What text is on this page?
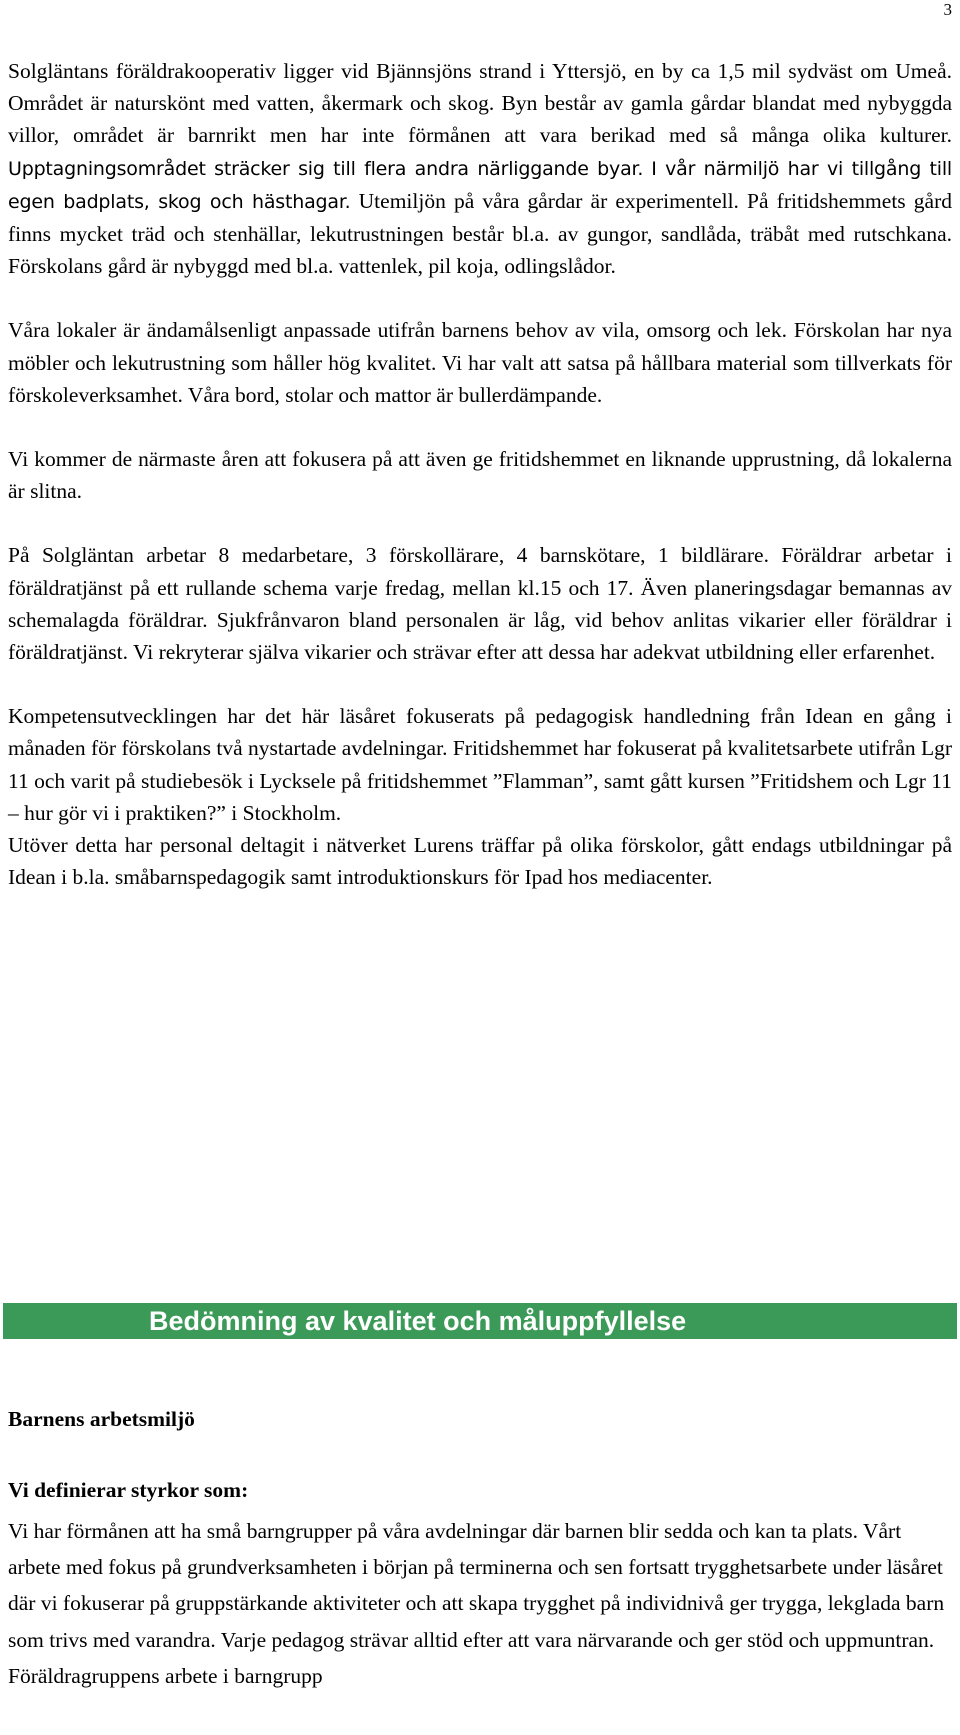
3

Solgläntans föräldrakooperativ ligger vid Bjännsjöns strand i Yttersjö, en by ca 1,5 mil sydväst om Umeå. Området är naturskönt med vatten, åkermark och skog. Byn består av gamla gårdar blandat med nybyggda villor, området är barnrikt men har inte förmånen att vara berikad med så många olika kulturer. Upptagningsområdet sträcker sig till flera andra närliggande byar. I vår närmiljö har vi tillgång till egen badplats, skog och hästhagar. Utemiljön på våra gårdar är experimentell. På fritidshemmets gård finns mycket träd och stenhällar, lekutrustningen består bl.a. av gungor, sandlåda, träbåt med rutschkana. Förskolans gård är nybyggd med bl.a. vattenlek, pil koja, odlingslådor.

Våra lokaler är ändamålsenligt anpassade utifrån barnens behov av vila, omsorg och lek. Förskolan har nya möbler och lekutrustning som håller hög kvalitet. Vi har valt att satsa på hållbara material som tillverkats för förskoleverksamhet. Våra bord, stolar och mattor är bullerdämpande.

Vi kommer de närmaste åren att fokusera på att även ge fritidshemmet en liknande upprustning, då lokalerna är slitna.

På Solgläntan arbetar 8 medarbetare, 3 förskollärare, 4 barnskötare, 1 bildlärare. Föräldrar arbetar i föräldratjänst på ett rullande schema varje fredag, mellan kl.15 och 17. Även planeringsdagar bemannas av schemalagda föräldrar. Sjukfrånvaron bland personalen är låg, vid behov anlitas vikarier eller föräldrar i föräldratjänst. Vi rekryterar själva vikarier och strävar efter att dessa har adekvat utbildning eller erfarenhet.

Kompetensutvecklingen har det här läsåret fokuserats på pedagogisk handledning från Idean en gång i månaden för förskolans två nystartade avdelningar. Fritidshemmet har fokuserat på kvalitetsarbete utifrån Lgr 11 och varit på studiebesök i Lycksele på fritidshemmet ”Flamman”, samt gått kursen ”Fritidshem och Lgr 11 – hur gör vi i praktiken?” i Stockholm.

Utöver detta har personal deltagit i nätverket Lurens träffar på olika förskolor, gått endags utbildningar på Idean i b.la. småbarnspedagogik samt introduktionskurs för Ipad hos mediacenter.

Bedömning av kvalitet och måluppfyllelse
Barnens arbetsmiljö
Vi definierar styrkor som:

Vi har förmånen att ha små barngrupper på våra avdelningar där barnen blir sedda och kan ta plats. Vårt arbete med fokus på grundverksamheten i början på terminerna och sen fortsatt trygghetsarbete under läsåret där vi fokuserar på gruppstärkande aktiviteter och att skapa trygghet på individnivå ger trygga, lekglada barn som trivs med varandra. Varje pedagog strävar alltid efter att vara närvarande och ger stöd och uppmuntran. Föräldragruppens arbete i barngrupp
